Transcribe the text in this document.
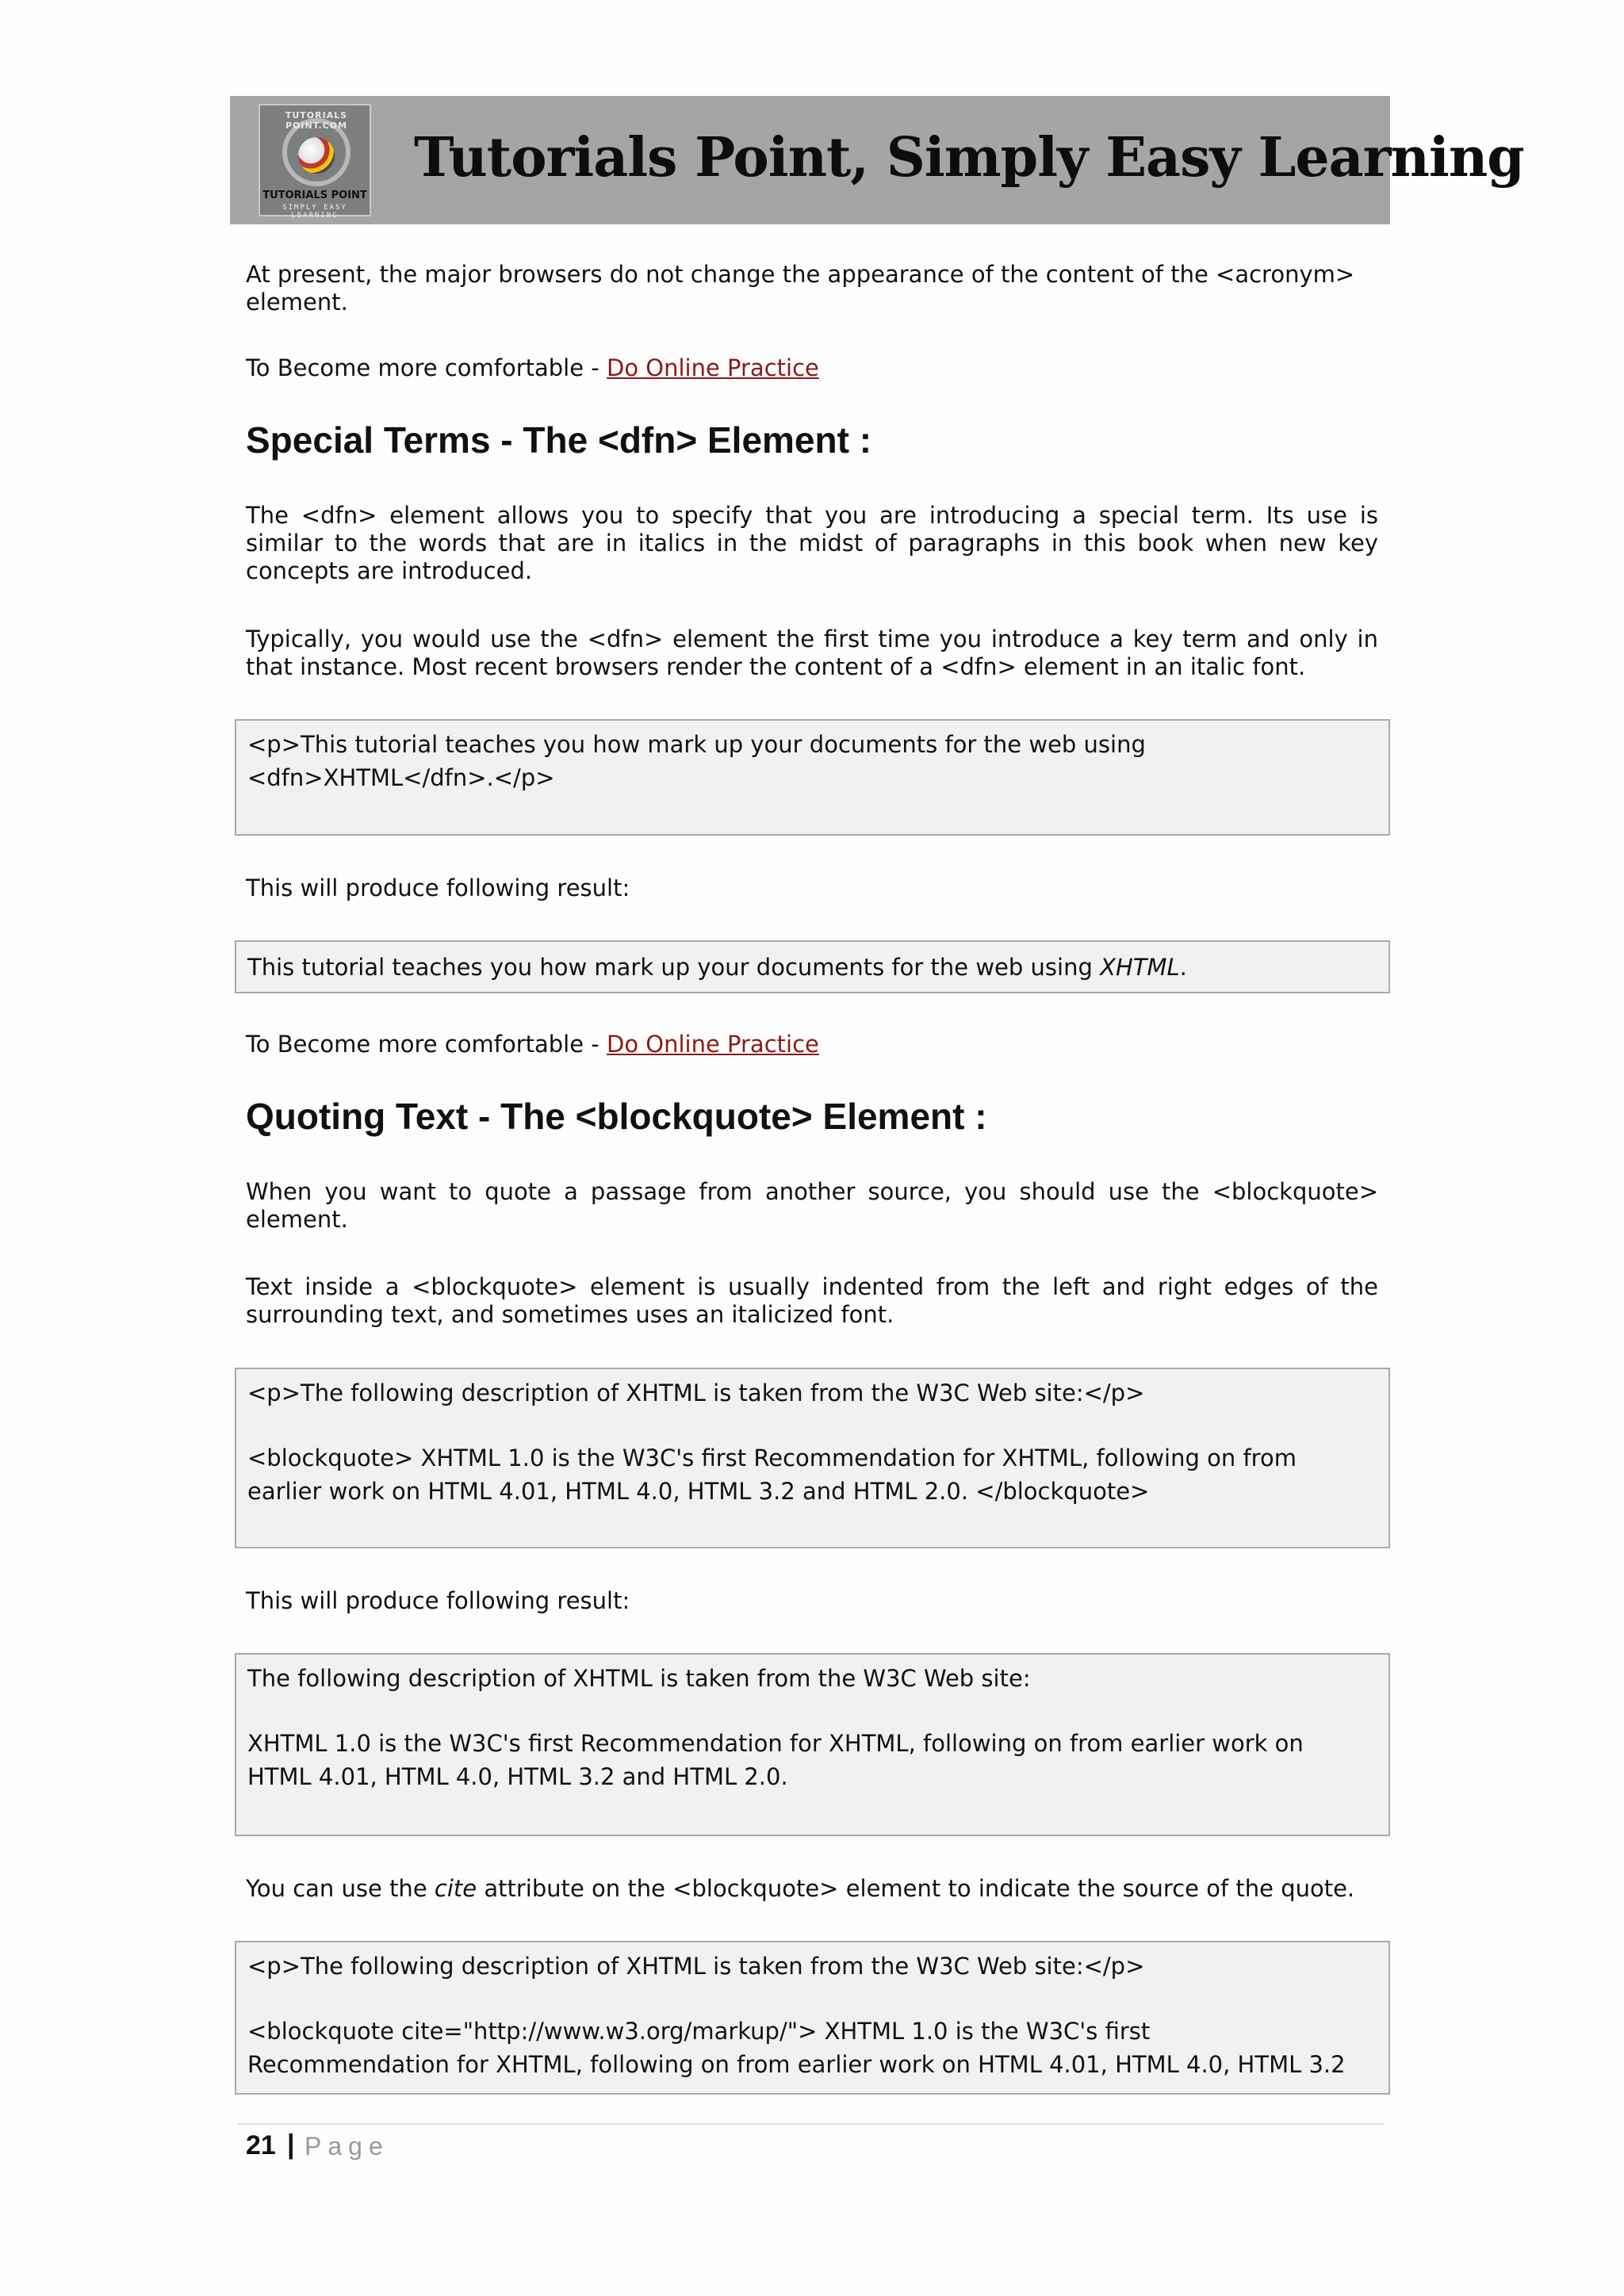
TUTORIALS POINT.COM
TUTORIALS POINT
SIMPLY EASY LEARNING
Tutorials Point, Simply Easy Learning
At present, the major browsers do not change the appearance of the content of the <acronym>
element.
To Become more comfortable - Do Online Practice
Special Terms - The <dfn> Element :
The <dfn> element allows you to specify that you are introducing a special term. Its use is similar to the words that are in italics in the midst of paragraphs in this book when new key concepts are introduced.
Typically, you would use the <dfn> element the first time you introduce a key term and only in that instance. Most recent browsers render the content of a <dfn> element in an italic font.
<p>This tutorial teaches you how mark up your documents for the web using
<dfn>XHTML</dfn>.</p>
This will produce following result:
This tutorial teaches you how mark up your documents for the web using XHTML.
To Become more comfortable - Do Online Practice
Quoting Text - The <blockquote> Element :
When you want to quote a passage from another source, you should use the <blockquote> element.
Text inside a <blockquote> element is usually indented from the left and right edges of the surrounding text, and sometimes uses an italicized font.
<p>The following description of XHTML is taken from the W3C Web site:</p>
<blockquote> XHTML 1.0 is the W3C's first Recommendation for XHTML, following on from
earlier work on HTML 4.01, HTML 4.0, HTML 3.2 and HTML 2.0. </blockquote>
This will produce following result:
The following description of XHTML is taken from the W3C Web site:
XHTML 1.0 is the W3C's first Recommendation for XHTML, following on from earlier work on
HTML 4.01, HTML 4.0, HTML 3.2 and HTML 2.0.
You can use the cite attribute on the <blockquote> element to indicate the source of the quote.
<p>The following description of XHTML is taken from the W3C Web site:</p>
<blockquote cite="http://www.w3.org/markup/"> XHTML 1.0 is the W3C's first
Recommendation for XHTML, following on from earlier work on HTML 4.01, HTML 4.0, HTML 3.2
21 | Page
